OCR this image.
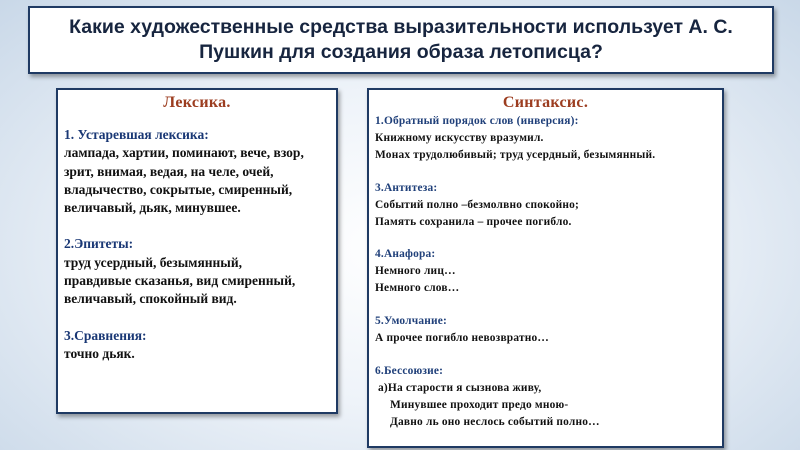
Какие художественные средства выразительности использует А. С.
Пушкин для создания образа летописца?
Лексика.
1. Устаревшая лексика:
лампада, хартии, поминают, вече, взор,
зрит, внимая, ведая, на челе, очей,
владычество, сокрытые, смиренный,
величавый, дьяк, минувшее.
2.Эпитеты:
труд усердный, безымянный,
правдивые сказанья, вид смиренный,
величавый, спокойный вид.
3.Сравнения:
точно дьяк.
Синтаксис.
1.Обратный порядок слов (инверсия):
Книжному искусству вразумил.
Монах трудолюбивый; труд усердный, безымянный.
3.Антитеза:
Событий полно –безмолвно спокойно;
Память сохранила – прочее погибло.
4.Анафора:
Немного лиц…
Немного слов…
5.Умолчание:
А прочее погибло невозвратно…
6.Бессоюзие:
а)На старости я сызнова живу,
Минувшее проходит предо мною-
Давно ль оно неслось событий полно…
